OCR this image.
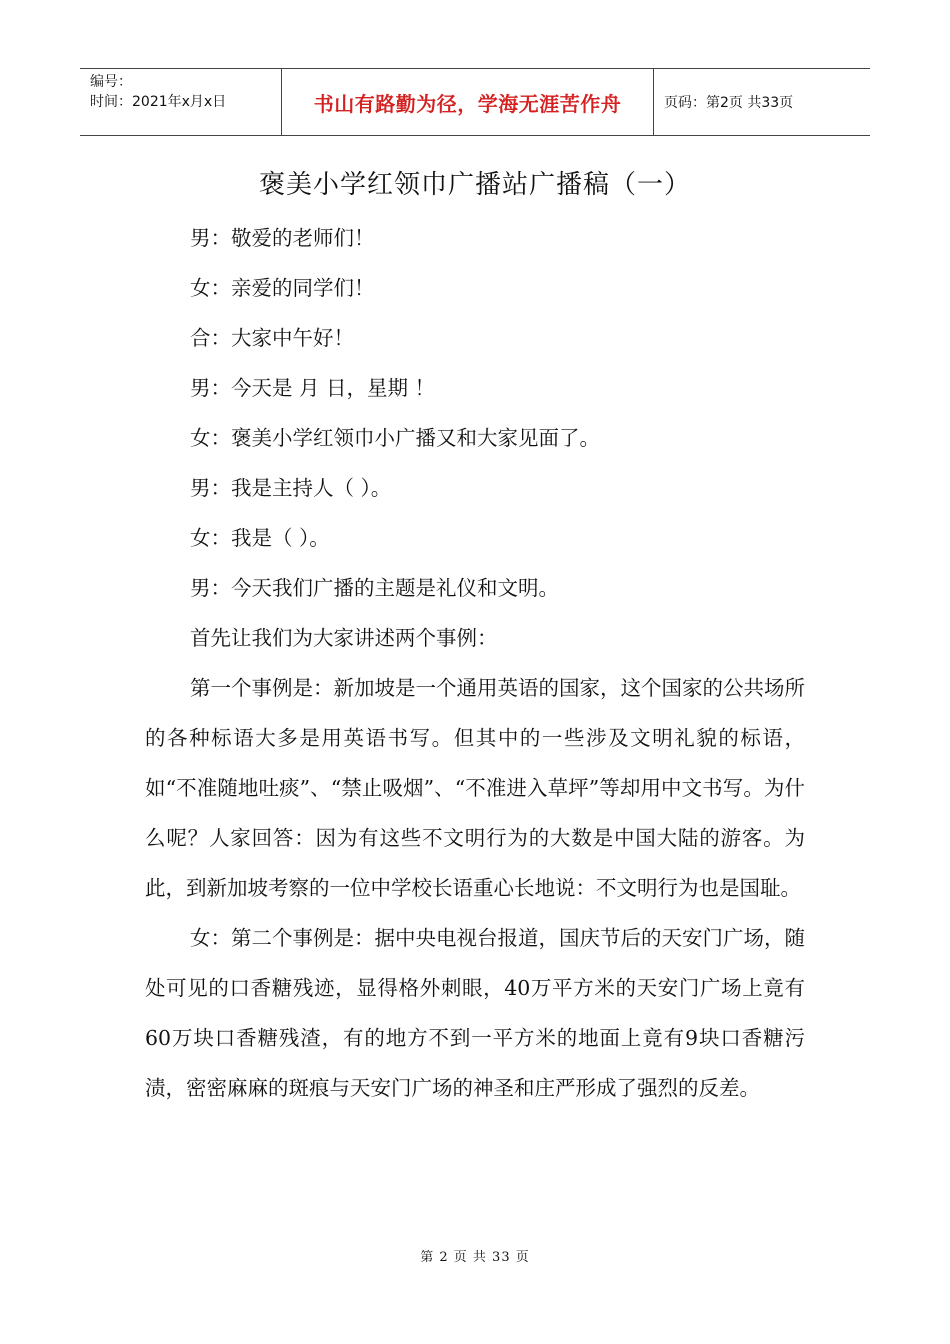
编号：
时间：2021年x月x日	书山有路勤为径，学海无涯苦作舟	页码：第2页 共33页
褒美小学红领巾广播站广播稿（一）

男：敬爱的老师们！

女：亲爱的同学们！

合：大家中午好！

男：今天是 月 日，星期 ！

女：褒美小学红领巾小广播又和大家见面了。

男：我是主持人（ ）。

女：我是（ ）。

男：今天我们广播的主题是礼仪和文明。

首先让我们为大家讲述两个事例：

第一个事例是：新加坡是一个通用英语的国家，这个国家的公共场所的各种标语大多是用英语书写。但其中的一些涉及文明礼貌的标语，如“不准随地吐痰”、“禁止吸烟”、“不准进入草坪”等却用中文书写。为什么呢？人家回答：因为有这些不文明行为的大数是中国大陆的游客。为此，到新加坡考察的一位中学校长语重心长地说：不文明行为也是国耻。

女：第二个事例是：据中央电视台报道，国庆节后的天安门广场，随处可见的口香糖残迹，显得格外刺眼，40万平方米的天安门广场上竟有60万块口香糖残渣，有的地方不到一平方米的地面上竟有9块口香糖污渍，密密麻麻的斑痕与天安门广场的神圣和庄严形成了强烈的反差。

第 2 页 共 33 页
